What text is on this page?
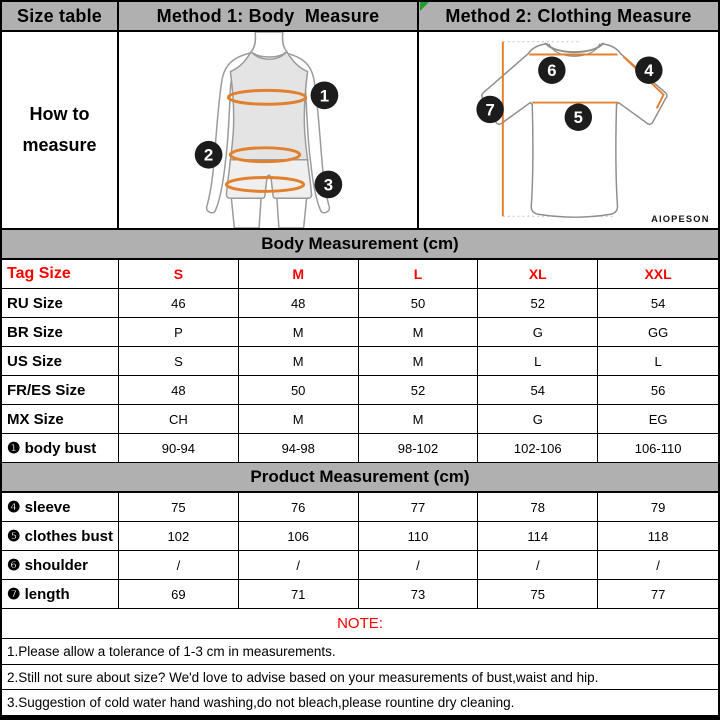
Size table	Method 1: Body  Measure	Method 2: Clothing Measure
How to
measure
1
2
3
6	4
7	5
AIOPESON
Body Measurement (cm)
Tag Size	S	M	L	XL	XXL
RU Size	46	48	50	52	54
BR Size	P	M	M	G	GG
US Size	S	M	M	L	L
FR/ES Size	48	50	52	54	56
MX Size	CH	M	M	G	EG
❶ body bust	90-94	94-98	98-102	102-106	106-110
Product Measurement (cm)
❹ sleeve	75	76	77	78	79
❺ clothes bust	102	106	110	114	118
❻ shoulder	/	/	/	/	/
❼ length	69	71	73	75	77
NOTE:
1.Please allow a tolerance of 1-3 cm in measurements.
2.Still not sure about size? We'd love to advise based on your measurements of bust,waist and hip.
3.Suggestion of cold water hand washing,do not bleach,please rountine dry cleaning.
